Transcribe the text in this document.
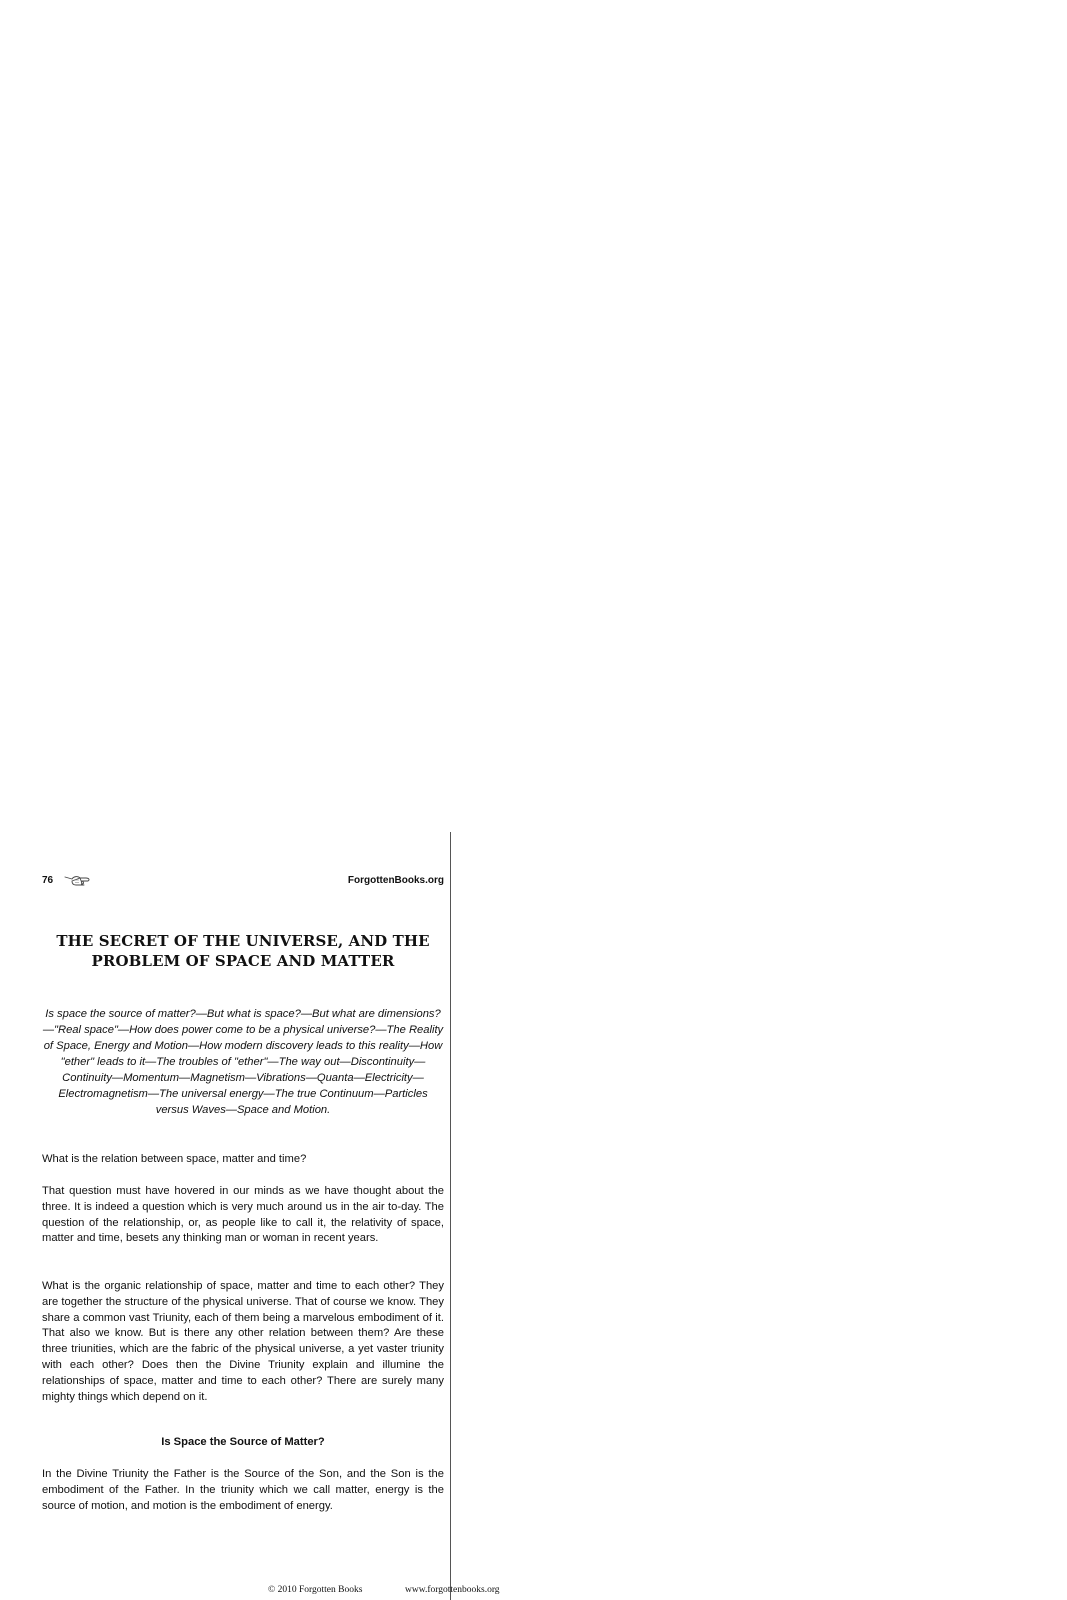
76	ForgottenBooks.org
THE SECRET OF THE UNIVERSE, AND THE PROBLEM OF SPACE AND MATTER

Is space the source of matter?—But what is space?—But what are dimensions?—"Real space"—How does power come to be a physical universe?—The Reality of Space, Energy and Motion—How modern discovery leads to this reality—How "ether" leads to it—The troubles of "ether"—The way out—Discontinuity—Continuity—Momentum—Magnetism—Vibrations—Quanta—Electricity—Electromagnetism—The universal energy—The true Continuum—Particles versus Waves—Space and Motion.

What is the relation between space, matter and time?

That question must have hovered in our minds as we have thought about the three. It is indeed a question which is very much around us in the air to-day. The question of the relationship, or, as people like to call it, the relativity of space, matter and time, besets any thinking man or woman in recent years.

What is the organic relationship of space, matter and time to each other? They are together the structure of the physical universe. That of course we know. They share a common vast Triunity, each of them being a marvelous embodiment of it. That also we know. But is there any other relation between them? Are these three triunities, which are the fabric of the physical universe, a yet vaster triunity with each other? Does then the Divine Triunity explain and illumine the relationships of space, matter and time to each other? There are surely many mighty things which depend on it.

Is Space the Source of Matter?

In the Divine Triunity the Father is the Source of the Son, and the Son is the embodiment of the Father. In the triunity which we call matter, energy is the source of motion, and motion is the embodiment of energy.

© 2010 Forgotten Books	www.forgottenbooks.org
